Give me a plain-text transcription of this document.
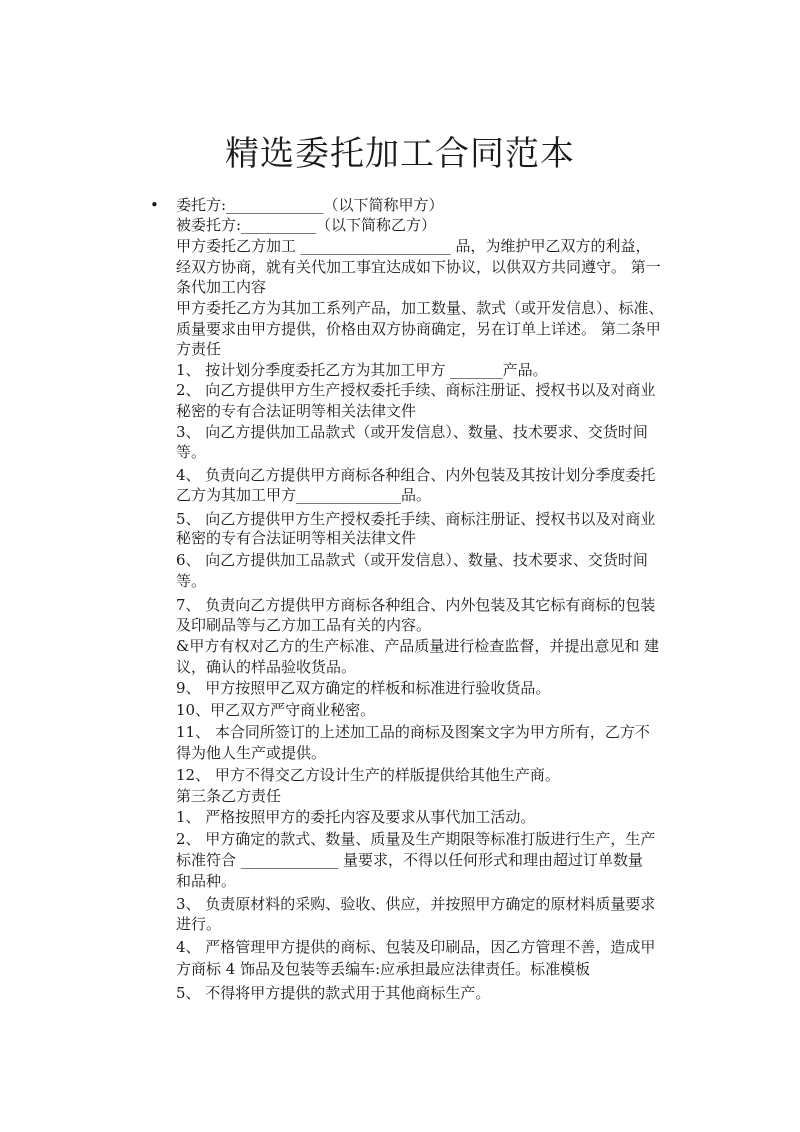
精选委托加工合同范本
• 委托方:_____________（以下简称甲方）
被委托方:__________（以下简称乙方）
甲方委托乙方加工 ____________________ 品，为维护甲乙双方的利益，
经双方协商，就有关代加工事宜达成如下协议，以供双方共同遵守。 第一
条代加工内容
甲方委托乙方为其加工系列产品，加工数量、款式（或开发信息）、标准、
质量要求由甲方提供，价格由双方协商确定，另在订单上详述。 第二条甲
方责任
1、 按计划分季度委托乙方为其加工甲方 _______产品。
2、 向乙方提供甲方生产授权委托手续、商标注册证、授权书以及对商业
秘密的专有合法证明等相关法律文件
3、 向乙方提供加工品款式（或开发信息）、数量、技术要求、交货时间
等。
4、 负责向乙方提供甲方商标各种组合、内外包装及其按计划分季度委托
乙方为其加工甲方______________品。
5、 向乙方提供甲方生产授权委托手续、商标注册证、授权书以及对商业
秘密的专有合法证明等相关法律文件
6、 向乙方提供加工品款式（或开发信息）、数量、技术要求、交货时间
等。
7、 负责向乙方提供甲方商标各种组合、内外包装及其它标有商标的包装
及印刷品等与乙方加工品有关的内容。
&甲方有权对乙方的生产标准、产品质量进行检查监督，并提出意见和 建
议，确认的样品验收货品。
9、 甲方按照甲乙双方确定的样板和标准进行验收货品。
10、甲乙双方严守商业秘密。
11、 本合同所签订的上述加工品的商标及图案文字为甲方所有，乙方不
得为他人生产或提供。
12、 甲方不得交乙方设计生产的样版提供给其他生产商。
第三条乙方责任
1、 严格按照甲方的委托内容及要求从事代加工活动。
2、 甲方确定的款式、数量、质量及生产期限等标准打版进行生产，生产
标准符合 _____________ 量要求，不得以任何形式和理由超过订单数量
和品种。
3、 负责原材料的采购、验收、供应，并按照甲方确定的原材料质量要求
进行。
4、 严格管理甲方提供的商标、包装及印刷品，因乙方管理不善，造成甲
方商标 4 饰品及包装等丢编车:应承担最应法律责任。标准模板
5、 不得将甲方提供的款式用于其他商标生产。
